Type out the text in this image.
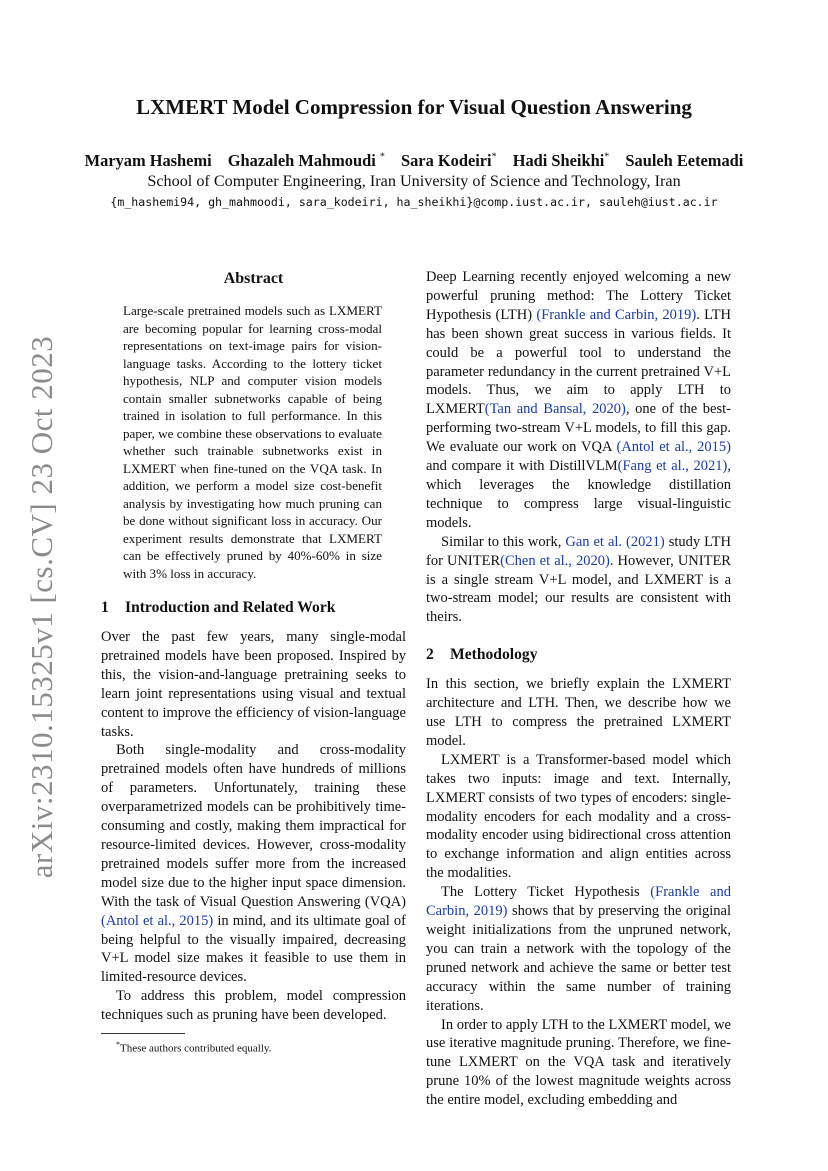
arXiv:2310.15325v1 [cs.CV] 23 Oct 2023
LXMERT Model Compression for Visual Question Answering
Maryam Hashemi Ghazaleh Mahmoudi * Sara Kodeiri* Hadi Sheikhi* Sauleh Eetemadi
School of Computer Engineering, Iran University of Science and Technology, Iran
{m_hashemi94, gh_mahmoodi, sara_kodeiri, ha_sheikhi}@comp.iust.ac.ir, sauleh@iust.ac.ir
Abstract

Large-scale pretrained models such as LXMERT are becoming popular for learning cross-modal representations on text-image pairs for vision-language tasks. According to the lottery ticket hypothesis, NLP and computer vision models contain smaller subnetworks capable of being trained in isolation to full performance. In this paper, we combine these observations to evaluate whether such trainable subnetworks exist in LXMERT when fine-tuned on the VQA task. In addition, we perform a model size cost-benefit analysis by investigating how much pruning can be done without significant loss in accuracy. Our experiment results demonstrate that LXMERT can be effectively pruned by 40%-60% in size with 3% loss in accuracy.

1 Introduction and Related Work

Over the past few years, many single-modal pretrained models have been proposed. Inspired by this, the vision-and-language pretraining seeks to learn joint representations using visual and textual content to improve the efficiency of vision-language tasks.

Both single-modality and cross-modality pretrained models often have hundreds of millions of parameters. Unfortunately, training these overparametrized models can be prohibitively time-consuming and costly, making them impractical for resource-limited devices. However, cross-modality pretrained models suffer more from the increased model size due to the higher input space dimension. With the task of Visual Question Answering (VQA) (Antol et al., 2015) in mind, and its ultimate goal of being helpful to the visually impaired, decreasing V+L model size makes it feasible to use them in limited-resource devices.

To address this problem, model compression techniques such as pruning have been developed.

*These authors contributed equally.

Deep Learning recently enjoyed welcoming a new powerful pruning method: The Lottery Ticket Hypothesis (LTH) (Frankle and Carbin, 2019). LTH has been shown great success in various fields. It could be a powerful tool to understand the parameter redundancy in the current pretrained V+L models. Thus, we aim to apply LTH to LXMERT(Tan and Bansal, 2020), one of the best-performing two-stream V+L models, to fill this gap. We evaluate our work on VQA (Antol et al., 2015) and compare it with DistillVLM(Fang et al., 2021), which leverages the knowledge distillation technique to compress large visual-linguistic models.

Similar to this work, Gan et al. (2021) study LTH for UNITER(Chen et al., 2020). However, UNITER is a single stream V+L model, and LXMERT is a two-stream model; our results are consistent with theirs.

2 Methodology

In this section, we briefly explain the LXMERT architecture and LTH. Then, we describe how we use LTH to compress the pretrained LXMERT model.

LXMERT is a Transformer-based model which takes two inputs: image and text. Internally, LXMERT consists of two types of encoders: single-modality encoders for each modality and a cross-modality encoder using bidirectional cross attention to exchange information and align entities across the modalities.

The Lottery Ticket Hypothesis (Frankle and Carbin, 2019) shows that by preserving the original weight initializations from the unpruned network, you can train a network with the topology of the pruned network and achieve the same or better test accuracy within the same number of training iterations.

In order to apply LTH to the LXMERT model, we use iterative magnitude pruning. Therefore, we fine-tune LXMERT on the VQA task and iteratively prune 10% of the lowest magnitude weights across the entire model, excluding embedding and
